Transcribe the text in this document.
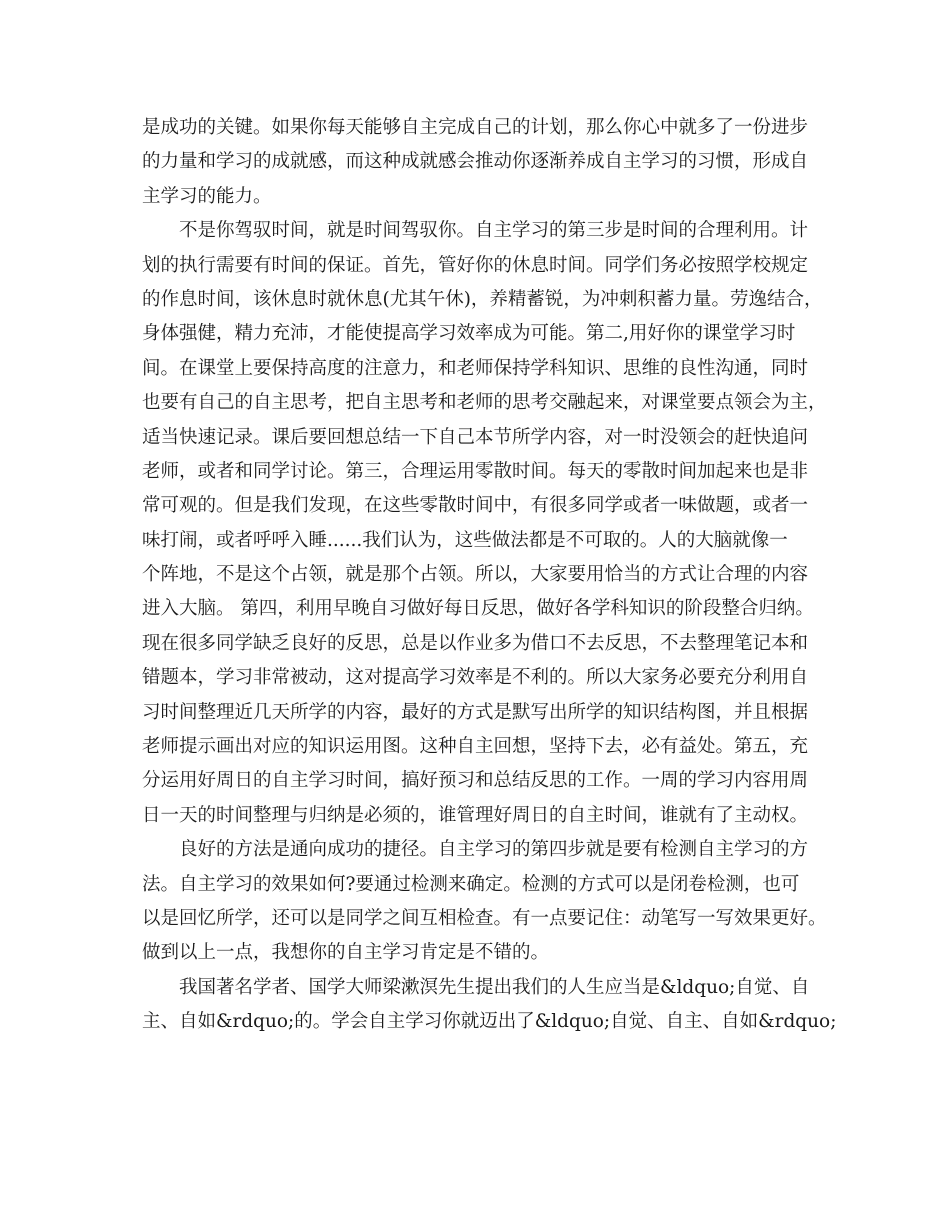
是成功的关键。如果你每天能够自主完成自己的计划，那么你心中就多了一份进步
的力量和学习的成就感，而这种成就感会推动你逐渐养成自主学习的习惯，形成自
主学习的能力。

不是你驾驭时间，就是时间驾驭你。自主学习的第三步是时间的合理利用。计
划的执行需要有时间的保证。首先，管好你的休息时间。同学们务必按照学校规定
的作息时间，该休息时就休息(尤其午休)，养精蓄锐，为冲刺积蓄力量。劳逸结合，
身体强健，精力充沛，才能使提高学习效率成为可能。第二,用好你的课堂学习时
间。在课堂上要保持高度的注意力，和老师保持学科知识、思维的良性沟通，同时
也要有自己的自主思考，把自主思考和老师的思考交融起来，对课堂要点领会为主，
适当快速记录。课后要回想总结一下自己本节所学内容，对一时没领会的赶快追问
老师，或者和同学讨论。第三，合理运用零散时间。每天的零散时间加起来也是非
常可观的。但是我们发现，在这些零散时间中，有很多同学或者一味做题，或者一
味打闹，或者呼呼入睡......我们认为，这些做法都是不可取的。人的大脑就像一
个阵地，不是这个占领，就是那个占领。所以，大家要用恰当的方式让合理的内容
进入大脑。 第四，利用早晚自习做好每日反思，做好各学科知识的阶段整合归纳。
现在很多同学缺乏良好的反思，总是以作业多为借口不去反思，不去整理笔记本和
错题本，学习非常被动，这对提高学习效率是不利的。所以大家务必要充分利用自
习时间整理近几天所学的内容，最好的方式是默写出所学的知识结构图，并且根据
老师提示画出对应的知识运用图。这种自主回想，坚持下去，必有益处。第五，充
分运用好周日的自主学习时间，搞好预习和总结反思的工作。一周的学习内容用周
日一天的时间整理与归纳是必须的，谁管理好周日的自主时间，谁就有了主动权。

良好的方法是通向成功的捷径。自主学习的第四步就是要有检测自主学习的方
法。自主学习的效果如何?要通过检测来确定。检测的方式可以是闭卷检测，也可
以是回忆所学，还可以是同学之间互相检查。有一点要记住：动笔写一写效果更好。
做到以上一点，我想你的自主学习肯定是不错的。

我国著名学者、国学大师梁漱溟先生提出我们的人生应当是&ldquo;自觉、自
主、自如&rdquo;的。学会自主学习你就迈出了&ldquo;自觉、自主、自如&rdquo;
